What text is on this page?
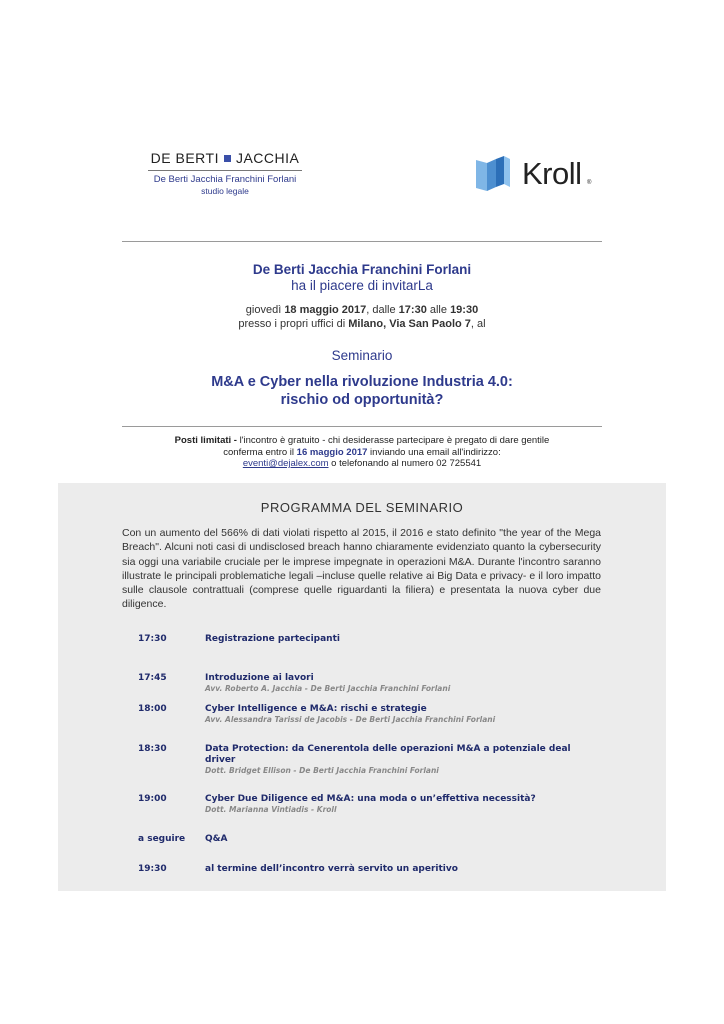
DE BERTI JACCHIA
De Berti Jacchia Franchini Forlani
studio legale	Kroll ®
De Berti Jacchia Franchini Forlani
ha il piacere di invitarLa
giovedì 18 maggio 2017, dalle 17:30 alle 19:30
presso i propri uffici di Milano, Via San Paolo 7, al
Seminario
M&A e Cyber nella rivoluzione Industria 4.0:
rischio od opportunità?
Posti limitati - l'incontro è gratuito - chi desiderasse partecipare è pregato di dare gentile
conferma entro il 16 maggio 2017 inviando una email all'indirizzo:
eventi@dejalex.com o telefonando al numero 02 725541
PROGRAMMA DEL SEMINARIO
Con un aumento del 566% di dati violati rispetto al 2015, il 2016 e stato definito "the year of the Mega Breach". Alcuni noti casi di undisclosed breach hanno chiaramente evidenziato quanto la cybersecurity sia oggi una variabile cruciale per le imprese impegnate in operazioni M&A. Durante l'incontro saranno illustrate le principali problematiche legali –incluse quelle relative ai Big Data e privacy- e il loro impatto sulle clausole contrattuali (comprese quelle riguardanti la filiera) e presentata la nuova cyber due diligence.
17:30	Registrazione partecipanti
17:45	Introduzione ai lavori
Avv. Roberto A. Jacchia - De Berti Jacchia Franchini Forlani
18:00	Cyber Intelligence e M&A: rischi e strategie
Avv. Alessandra Tarissi de Jacobis - De Berti Jacchia Franchini Forlani
18:30	Data Protection: da Cenerentola delle operazioni M&A a potenziale deal driver
Dott. Bridget Ellison - De Berti Jacchia Franchini Forlani
19:00	Cyber Due Diligence ed M&A: una moda o un’effettiva necessità?
Dott. Marianna Vintiadis - Kroll
a seguire	Q&A
19:30	al termine dell’incontro verrà servito un aperitivo
